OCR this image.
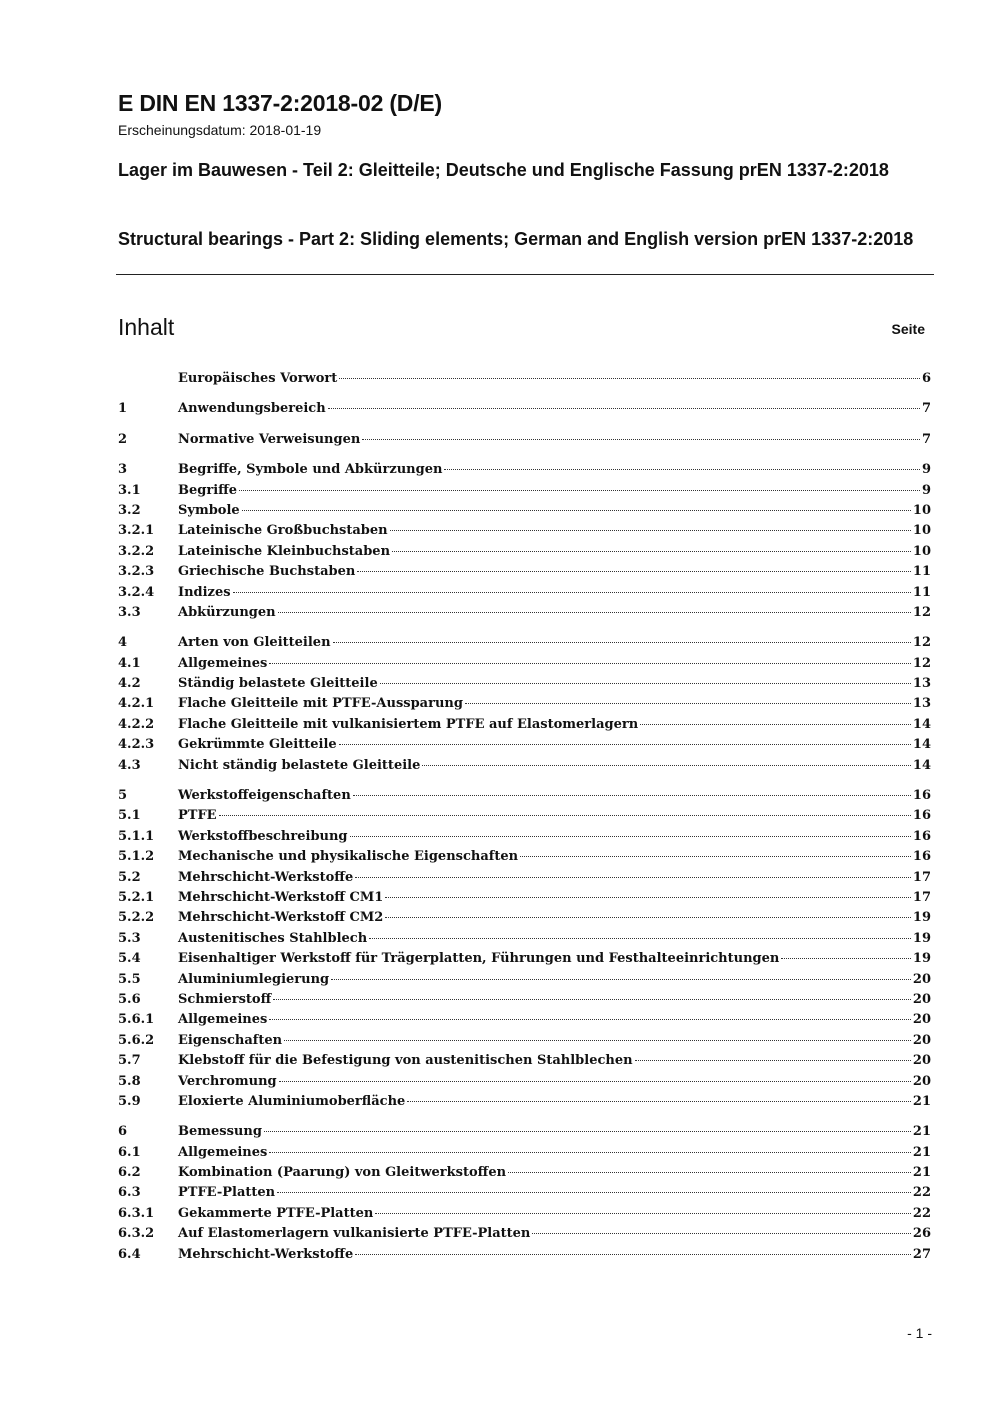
E DIN EN 1337-2:2018-02 (D/E)
Erscheinungsdatum: 2018-01-19
Lager im Bauwesen - Teil 2: Gleitteile; Deutsche und Englische Fassung prEN 1337-2:2018
Structural bearings - Part 2: Sliding elements; German and English version prEN 1337-2:2018
Inhalt	Seite
Europäisches Vorwort	6
1	Anwendungsbereich	7
2	Normative Verweisungen	7
3	Begriffe, Symbole und Abkürzungen	9
3.1	Begriffe	9
3.2	Symbole	10
3.2.1	Lateinische Großbuchstaben	10
3.2.2	Lateinische Kleinbuchstaben	10
3.2.3	Griechische Buchstaben	11
3.2.4	Indizes	11
3.3	Abkürzungen	12
4	Arten von Gleitteilen	12
4.1	Allgemeines	12
4.2	Ständig belastete Gleitteile	13
4.2.1	Flache Gleitteile mit PTFE-Aussparung	13
4.2.2	Flache Gleitteile mit vulkanisiertem PTFE auf Elastomerlagern	14
4.2.3	Gekrümmte Gleitteile	14
4.3	Nicht ständig belastete Gleitteile	14
5	Werkstoffeigenschaften	16
5.1	PTFE	16
5.1.1	Werkstoffbeschreibung	16
5.1.2	Mechanische und physikalische Eigenschaften	16
5.2	Mehrschicht-Werkstoffe	17
5.2.1	Mehrschicht-Werkstoff CM1	17
5.2.2	Mehrschicht-Werkstoff CM2	19
5.3	Austenitisches Stahlblech	19
5.4	Eisenhaltiger Werkstoff für Trägerplatten, Führungen und Festhalteeinrichtungen	19
5.5	Aluminiumlegierung	20
5.6	Schmierstoff	20
5.6.1	Allgemeines	20
5.6.2	Eigenschaften	20
5.7	Klebstoff für die Befestigung von austenitischen Stahlblechen	20
5.8	Verchromung	20
5.9	Eloxierte Aluminiumoberfläche	21
6	Bemessung	21
6.1	Allgemeines	21
6.2	Kombination (Paarung) von Gleitwerkstoffen	21
6.3	PTFE-Platten	22
6.3.1	Gekammerte PTFE-Platten	22
6.3.2	Auf Elastomerlagern vulkanisierte PTFE-Platten	26
6.4	Mehrschicht-Werkstoffe	27
- 1 -
